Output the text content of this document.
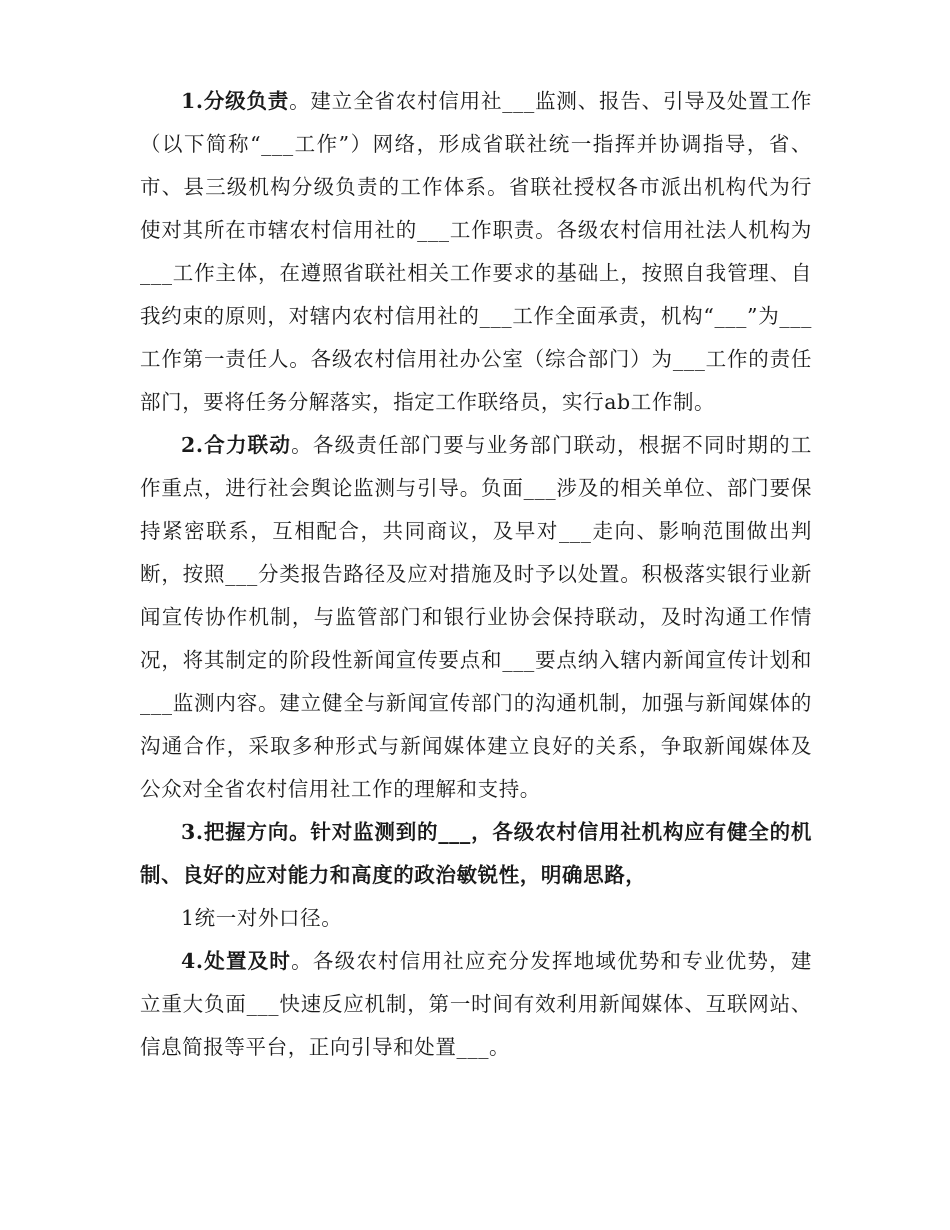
1.分级负责。建立全省农村信用社___监测、报告、引导及处置工作（以下简称“___工作”）网络，形成省联社统一指挥并协调指导，省、市、县三级机构分级负责的工作体系。省联社授权各市派出机构代为行使对其所在市辖农村信用社的___工作职责。各级农村信用社法人机构为___工作主体，在遵照省联社相关工作要求的基础上，按照自我管理、自我约束的原则，对辖内农村信用社的___工作全面承责，机构“___”为___工作第一责任人。各级农村信用社办公室（综合部门）为___工作的责任部门，要将任务分解落实，指定工作联络员，实行ab工作制。

2.合力联动。各级责任部门要与业务部门联动，根据不同时期的工作重点，进行社会舆论监测与引导。负面___涉及的相关单位、部门要保持紧密联系，互相配合，共同商议，及早对___走向、影响范围做出判断，按照___分类报告路径及应对措施及时予以处置。积极落实银行业新闻宣传协作机制，与监管部门和银行业协会保持联动，及时沟通工作情况，将其制定的阶段性新闻宣传要点和___要点纳入辖内新闻宣传计划和___监测内容。建立健全与新闻宣传部门的沟通机制，加强与新闻媒体的沟通合作，采取多种形式与新闻媒体建立良好的关系，争取新闻媒体及公众对全省农村信用社工作的理解和支持。

3.把握方向。针对监测到的___，各级农村信用社机构应有健全的机制、良好的应对能力和高度的政治敏锐性，明确思路，

1统一对外口径。

4.处置及时。各级农村信用社应充分发挥地域优势和专业优势，建立重大负面___快速反应机制，第一时间有效利用新闻媒体、互联网站、信息简报等平台，正向引导和处置___。
